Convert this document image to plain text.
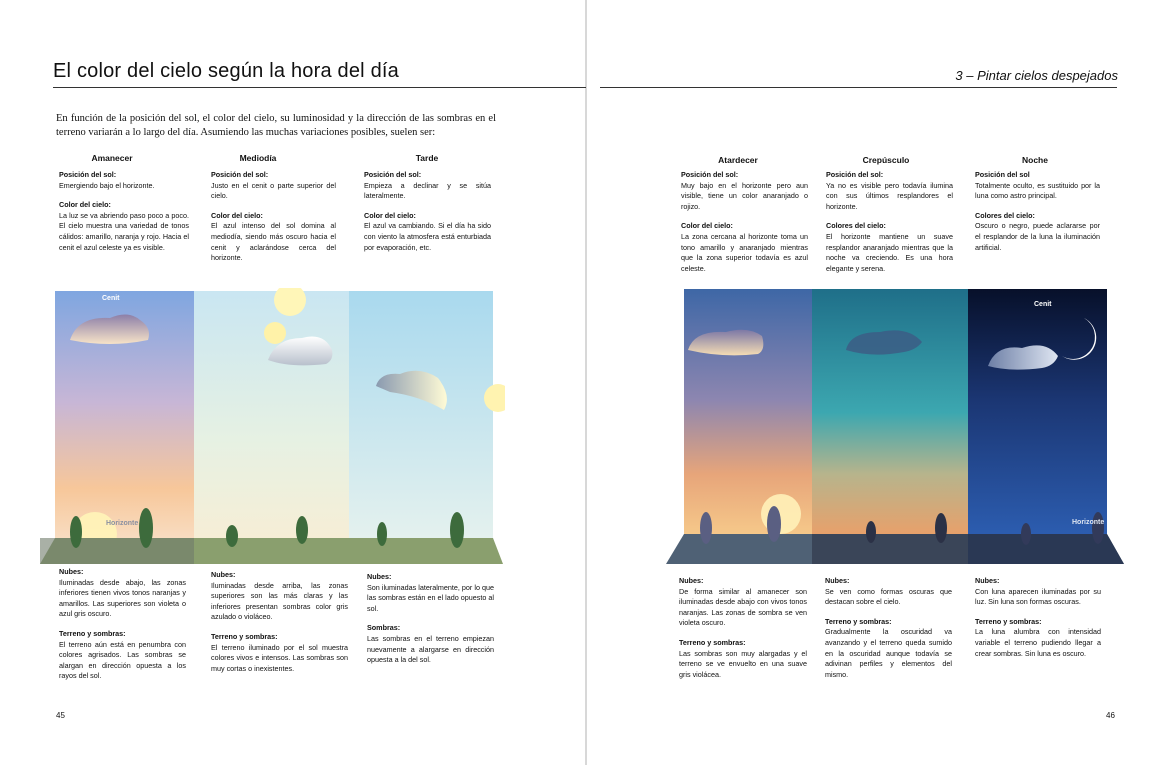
El color del cielo según la hora del día	3 – Pintar cielos despejados
En función de la posición del sol, el color del cielo, su luminosidad y la dirección de las sombras en el terreno variarán a lo largo del día. Asumiendo las muchas variaciones posibles, suelen ser:
Amanecer	Mediodía	Tarde
Posición del sol:
Emergiendo bajo el horizonte.
Color del cielo:
La luz se va abriendo paso poco a poco. El cielo muestra una variedad de tonos cálidos: amarillo, naranja y rojo. Hacia el cenit el azul celeste ya es visible.
Posición del sol:
Justo en el cenit o parte superior del cielo.
Color del cielo:
El azul intenso del sol domina al mediodía, siendo más oscuro hacia el cenit y aclarándose cerca del horizonte.
Posición del sol:
Empieza a declinar y se sitúa lateralmente.
Color del cielo:
El azul va cambiando. Si el día ha sido con viento la atmosfera está enturbiada por evaporación, etc.
Cenit
Horizonte
Nubes:
Iluminadas desde abajo, las zonas inferiores tienen vivos tonos naranjas y amarillos. Las superiores son violeta o azul gris oscuro.
Terreno y sombras:
El terreno aún está en penumbra con colores agrisados. Las sombras se alargan en dirección opuesta a los rayos del sol.
Nubes:
Iluminadas desde arriba, las zonas superiores son las más claras y las inferiores presentan sombras color gris azulado o violáceo.
Terreno y sombras:
El terreno iluminado por el sol muestra colores vivos e intensos. Las sombras son muy cortas o inexistentes.
Nubes:
Son iluminadas lateralmente, por lo que las sombras están en el lado opuesto al sol.
Sombras:
Las sombras en el terreno empiezan nuevamente a alargarse en dirección opuesta a la del sol.
45
Atardecer	Crepúsculo	Noche
Posición del sol:
Muy bajo en el horizonte pero aun visible, tiene un color anaranjado o rojizo.
Color del cielo:
La zona cercana al horizonte toma un tono amarillo y anaranjado mientras que la zona superior todavía es azul celeste.
Posición del sol:
Ya no es visible pero todavía ilumina con sus últimos resplandores el horizonte.
Colores del cielo:
El horizonte mantiene un suave resplandor anaranjado mientras que la noche va creciendo. Es una hora elegante y serena.
Posición del sol
Totalmente oculto, es sustituido por la luna como astro principal.
Colores del cielo:
Oscuro o negro, puede aclararse por el resplandor de la luna la iluminación artificial.
Cenit
Horizonte
Nubes:
De forma similar al amanecer son iluminadas desde abajo con vivos tonos naranjas. Las zonas de sombra se ven violeta oscuro.
Terreno y sombras:
Las sombras son muy alargadas y el terreno se ve envuelto en una suave gris violácea.
Nubes:
Se ven como formas oscuras que destacan sobre el cielo.
Terreno y sombras:
Gradualmente la oscuridad va avanzando y el terreno queda sumido en la oscuridad aunque todavía se adivinan perfiles y elementos del mismo.
Nubes:
Con luna aparecen iluminadas por su luz. Sin luna son formas oscuras.
Terreno y sombras:
La luna alumbra con intensidad variable el terreno pudiendo llegar a crear sombras. Sin luna es oscuro.
46
